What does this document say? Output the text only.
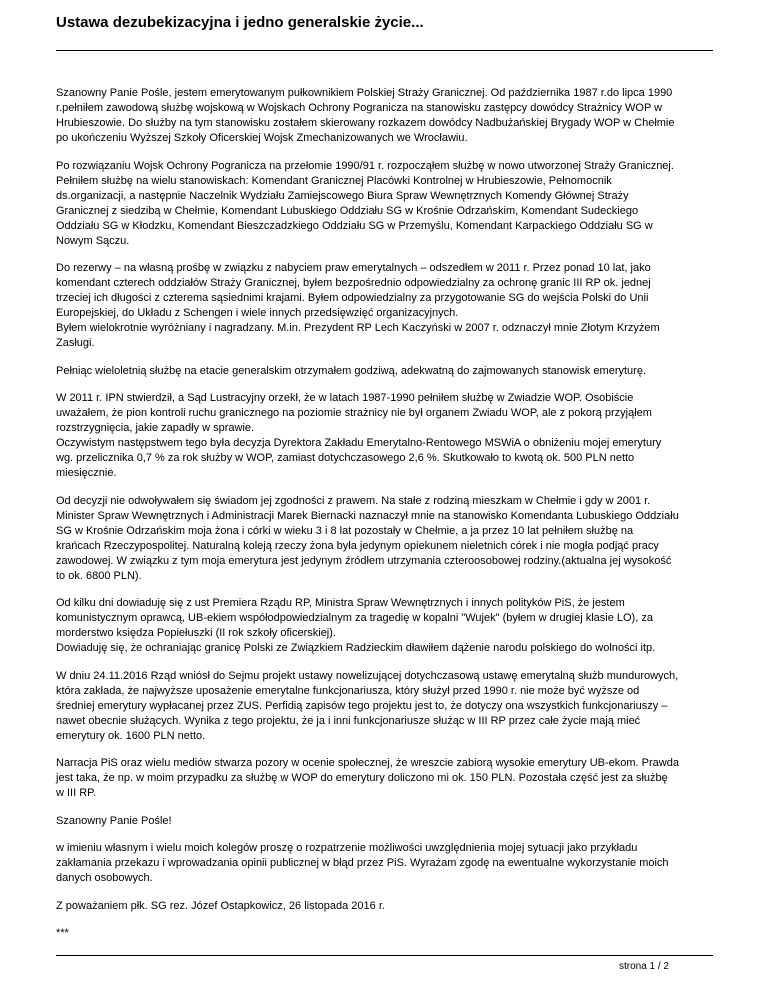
Ustawa dezubekizacyjna i jedno generalskie życie...

Szanowny Panie Pośle, jestem emerytowanym pułkownikiem Polskiej Straży Granicznej. Od października 1987 r.do lipca 1990
r.pełniłem zawodową służbę wojskową w Wojskach Ochrony Pogranicza na stanowisku zastępcy dowódcy Strażnicy WOP w
Hrubieszowie. Do służby na tym stanowisku zostałem skierowany rozkazem dowódcy Nadbużańskiej Brygady WOP w Chełmie
po ukończeniu Wyższej Szkoły Oficerskiej Wojsk Zmechanizowanych we Wrocławiu.

Po rozwiązaniu Wojsk Ochrony Pogranicza na przełomie 1990/91 r. rozpocząłem służbę w nowo utworzonej Straży Granicznej.
Pełniłem służbę na wielu stanowiskach: Komendant Granicznej Placówki Kontrolnej w Hrubieszowie, Pełnomocnik
ds.organizacji, a następnie Naczelnik Wydziału Zamiejscowego Biura Spraw Wewnętrznych Komendy Głównej Straży
Granicznej z siedzibą w Chełmie, Komendant Lubuskiego Oddziału SG w Krośnie Odrzańskim, Komendant Sudeckiego
Oddziału SG w Kłodzku, Komendant Bieszczadzkiego Oddziału SG w Przemyślu, Komendant Karpackiego Oddziału SG w
Nowym Sączu.

Do rezerwy – na własną prośbę w związku z nabyciem praw emerytalnych – odszedłem w 2011 r. Przez ponad 10 lat, jako
komendant czterech oddziałów Straży Granicznej, byłem bezpośrednio odpowiedzialny za ochronę granic III RP ok. jednej
trzeciej ich długości z czterema sąsiednimi krajami. Byłem odpowiedzialny za przygotowanie SG do wejścia Polski do Unii
Europejskiej, do Układu z Schengen i wiele innych przedsięwzięć organizacyjnych.
Byłem wielokrotnie wyróżniany i nagradzany. M.in. Prezydent RP Lech Kaczyński w 2007 r. odznaczył mnie Złotym Krzyżem
Zasługi.

Pełniąc wieloletnią służbę na etacie generalskim otrzymałem godziwą, adekwatną do zajmowanych stanowisk emeryturę.

W 2011 r. IPN stwierdził, a Sąd Lustracyjny orzekł, że w latach 1987-1990 pełniłem służbę w Zwiadzie WOP. Osobiście
uważałem, że pion kontroli ruchu granicznego na poziomie strażnicy nie był organem Zwiadu WOP, ale z pokorą przyjąłem
rozstrzygnięcia, jakie zapadły w sprawie.
Oczywistym następstwem tego była decyzja Dyrektora Zakładu Emerytalno-Rentowego MSWiA o obniżeniu mojej emerytury
wg. przelicznika 0,7 % za rok służby w WOP, zamiast dotychczasowego 2,6 %. Skutkowało to kwotą ok. 500 PLN netto
miesięcznie.

Od decyzji nie odwoływałem się świadom jej zgodności z prawem. Na stałe z rodziną mieszkam w Chełmie i gdy w 2001 r.
Minister Spraw Wewnętrznych i Administracji Marek Biernacki naznaczył mnie na stanowisko Komendanta Lubuskiego Oddziału
SG w Krośnie Odrzańskim moja żona i córki w wieku 3 i 8 lat pozostały w Chełmie, a ja przez 10 lat pełniłem służbę na
krańcach Rzeczypospolitej. Naturalną koleją rzeczy żona była jedynym opiekunem nieletnich córek i nie mogła podjąć pracy
zawodowej. W związku z tym moja emerytura jest jedynym źródłem utrzymania czteroosobowej rodziny.(aktualna jej wysokość
to ok. 6800 PLN).

Od kilku dni dowiaduję się z ust Premiera Rządu RP, Ministra Spraw Wewnętrznych i innych polityków PiS, że jestem
komunistycznym oprawcą, UB-ekiem współodpowiedzialnym za tragedię w kopalni "Wujek" (byłem w drugiej klasie LO), za
morderstwo księdza Popiełuszki (II rok szkoły oficerskiej).
Dowiaduję się, że ochraniając granicę Polski ze Związkiem Radzieckim dławiłem dążenie narodu polskiego do wolności itp.

W dniu 24.11.2016 Rząd wniósł do Sejmu projekt ustawy nowelizującej dotychczasową ustawę emerytalną służb mundurowych,
która zakłada, że najwyższe uposażenie emerytalne funkcjonariusza, który służył przed 1990 r. nie może być wyższe od
średniej emerytury wypłacanej przez ZUS. Perfidią zapisów tego projektu jest to, że dotyczy ona wszystkich funkcjonariuszy –
nawet obecnie służących. Wynika z tego projektu, że ja i inni funkcjonariusze służąc w III RP przez całe życie mają mieć
emerytury ok. 1600 PLN netto.

Narracja PiS oraz wielu mediów stwarza pozory w ocenie społecznej, że wreszcie zabiorą wysokie emerytury UB-ekom. Prawda
jest taka, że np. w moim przypadku za służbę w WOP do emerytury doliczono mi ok. 150 PLN. Pozostała część jest za służbę
w III RP.

Szanowny Panie Pośle!

w imieniu własnym i wielu moich kolegów proszę o rozpatrzenie możliwości uwzględnienia mojej sytuacji jako przykładu
zakłamania przekazu i wprowadzania opinii publicznej w błąd przez PiS. Wyrażam zgodę na ewentualne wykorzystanie moich
danych osobowych.

Z poważaniem płk. SG rez. Józef Ostapkowicz, 26 listopada 2016 r.

***

strona 1 / 2
